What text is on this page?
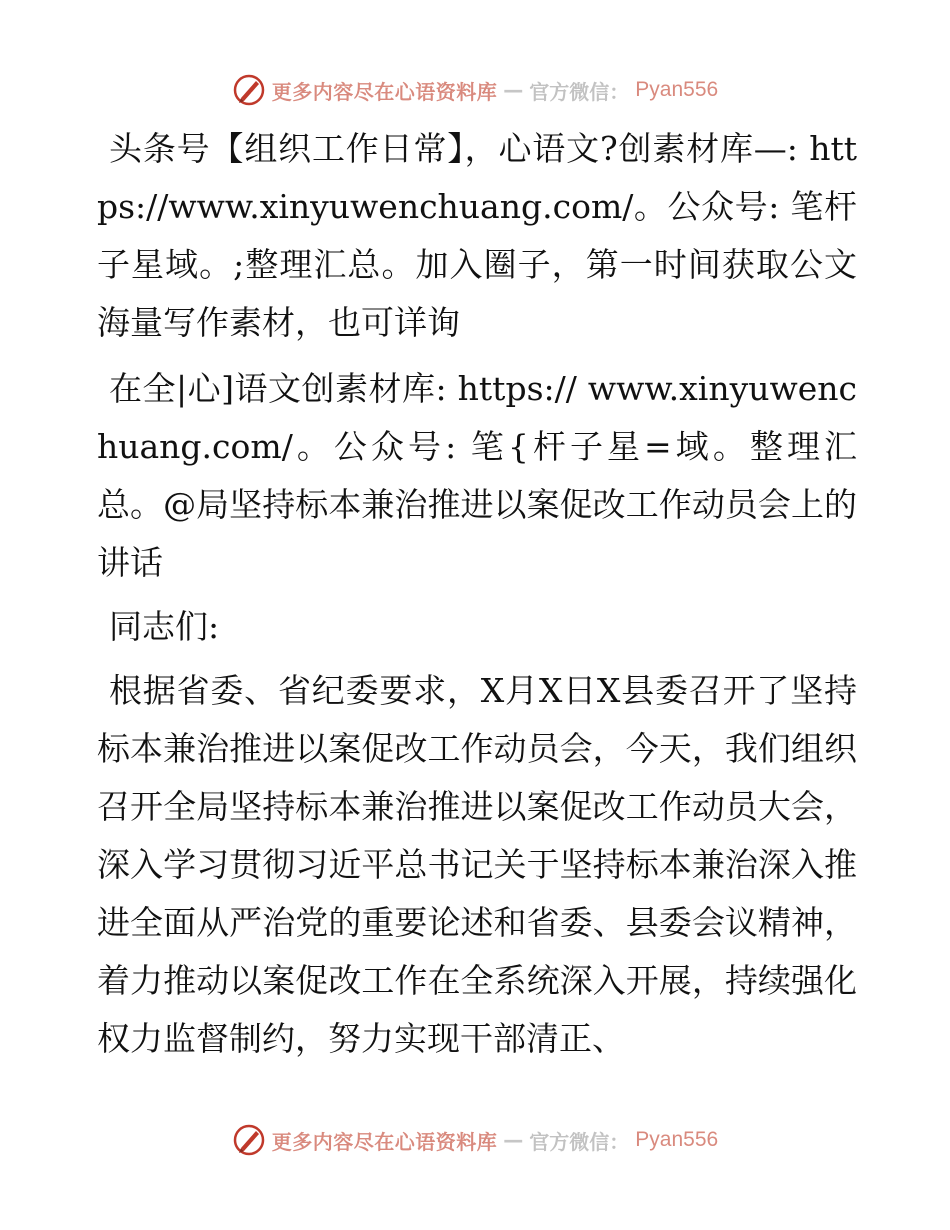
更多内容尽在心语资料库 — 官方微信： Pyan556

头条号【组织工作日常】，心语文?创素材库—: https://www.xinyuwenchuang.com/。公众号: 笔杆子星域。;整理汇总。加入圈子，第一时间获取公文海量写作素材，也可详询

在全|心]语文创素材库: https:// www.xinyuwenchuang.com/。公众号: 笔{杆子星=域。整理汇总。@局坚持标本兼治推进以案促改工作动员会上的讲话

同志们:

根据省委、省纪委要求，X月X日X县委召开了坚持标本兼治推进以案促改工作动员会，今天，我们组织召开全局坚持标本兼治推进以案促改工作动员大会，深入学习贯彻习近平总书记关于坚持标本兼治深入推进全面从严治党的重要论述和省委、县委会议精神，着力推动以案促改工作在全系统深入开展，持续强化权力监督制约，努力实现干部清正、

更多内容尽在心语资料库 — 官方微信： Pyan556
